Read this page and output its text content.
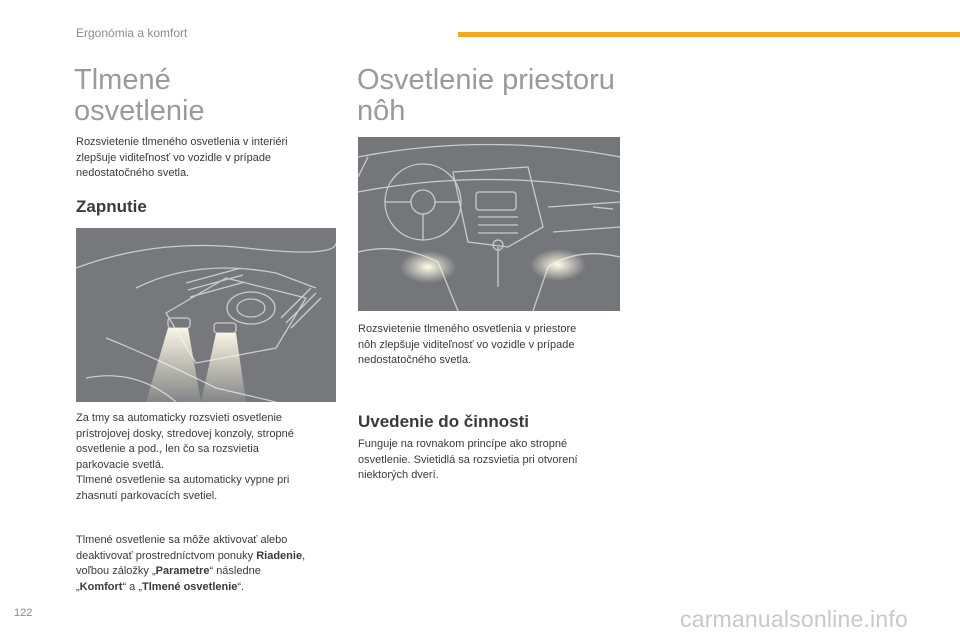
Ergonómia a komfort
Tlmené
osvetlenie

Rozsvietenie tlmeného osvetlenia v interiéri
zlepšuje viditeľnosť vo vozidle v prípade
nedostatočného svetla.

Zapnutie

Za tmy sa automaticky rozsvieti osvetlenie
prístrojovej dosky, stredovej konzoly, stropné
osvetlenie a pod., len čo sa rozsvietia
parkovacie svetlá.
Tlmené osvetlenie sa automaticky vypne pri
zhasnutí parkovacích svetiel.

Tlmené osvetlenie sa môže aktivovať alebo
deaktivovať prostredníctvom ponuky Riadenie,
voľbou záložky „Parametre“ následne
„Komfort“ a „Tlmené osvetlenie“.

Osvetlenie priestoru
nôh

Rozsvietenie tlmeného osvetlenia v priestore
nôh zlepšuje viditeľnosť vo vozidle v prípade
nedostatočného svetla.

Uvedenie do činnosti

Funguje na rovnakom princípe ako stropné
osvetlenie. Svietidlá sa rozsvietia pri otvorení
niektorých dverí.

122	carmanualsonline.info
